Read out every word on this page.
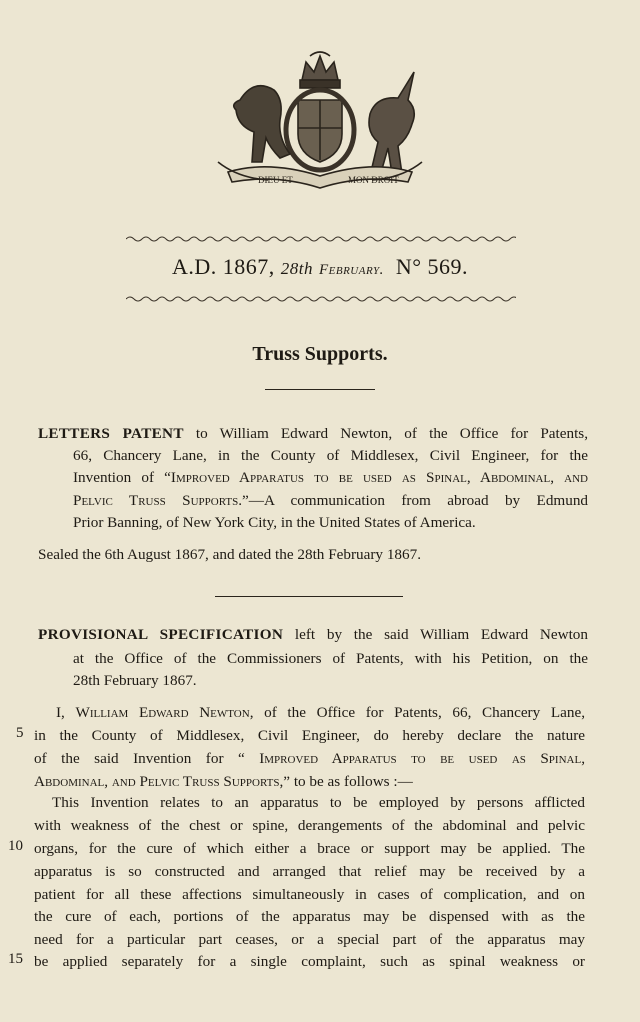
DIEU ET	MON DROIT
A.D. 1867, 28th February. N° 569.
Truss Supports.
LETTERS PATENT to William Edward Newton, of the Office for Patents,
66, Chancery Lane, in the County of Middlesex, Civil Engineer, for the
Invention of “Improved Apparatus to be used as Spinal, Abdominal, and
Pelvic Truss Supports.”—A communication from abroad by Edmund
Prior Banning, of New York City, in the United States of America.
Sealed the 6th August 1867, and dated the 28th February 1867.
PROVISIONAL SPECIFICATION left by the said William Edward Newton
at the Office of the Commissioners of Patents, with his Petition, on the
28th February 1867.
I, William Edward Newton, of the Office for Patents, 66, Chancery Lane,
in the County of Middlesex, Civil Engineer, do hereby declare the nature
of the said Invention for “ Improved Apparatus to be used as Spinal,
Abdominal, and Pelvic Truss Supports,” to be as follows :—
This Invention relates to an apparatus to be employed by persons afflicted
with weakness of the chest or spine, derangements of the abdominal and pelvic
organs, for the cure of which either a brace or support may be applied. The
apparatus is so constructed and arranged that relief may be received by a
patient for all these affections simultaneously in cases of complication, and on
the cure of each, portions of the apparatus may be dispensed with as the
need for a particular part ceases, or a special part of the apparatus may
be applied separately for a single complaint, such as spinal weakness or
5
10
15
